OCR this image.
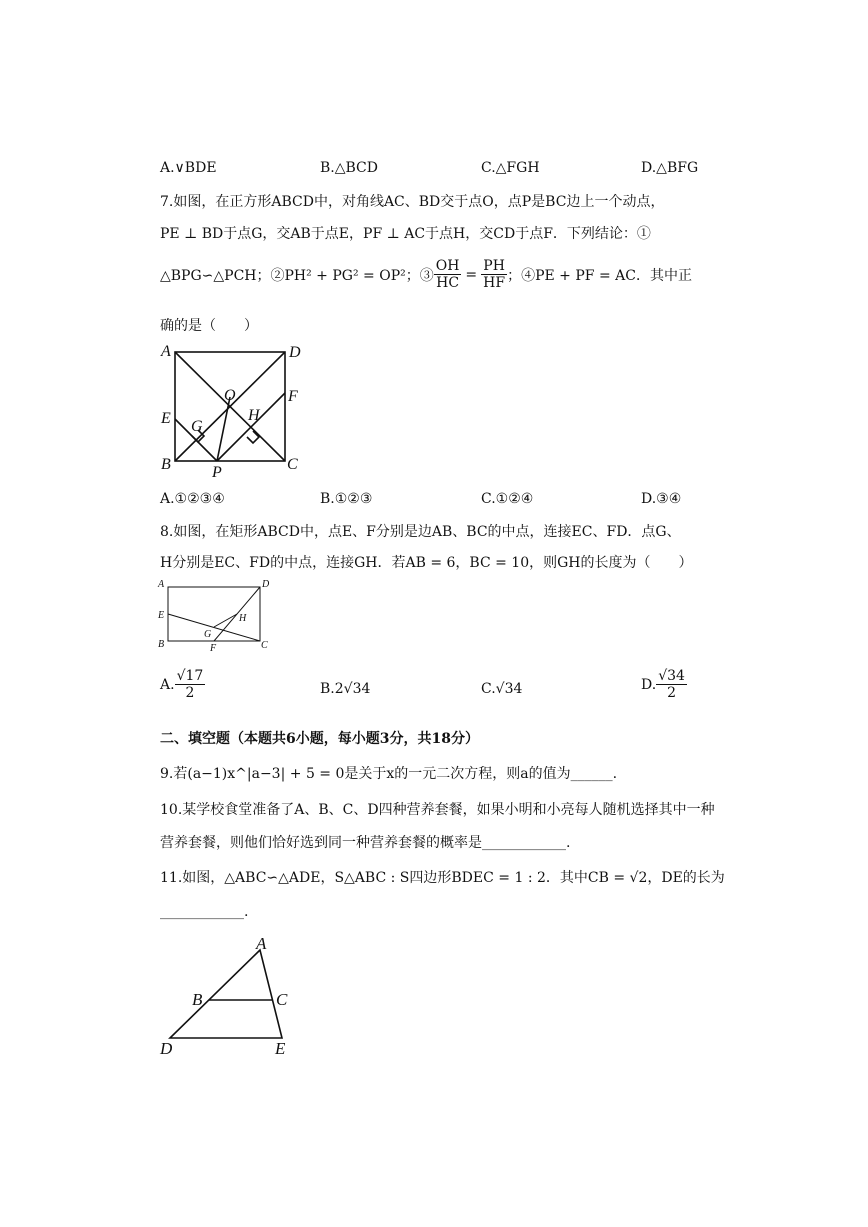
A.∨BDE	B.△BCD	C.△FGH	D.△BFG
7.如图，在正方形ABCD中，对角线AC、BD交于点O，点P是BC边上一个动点，
PE ⊥ BD于点G，交AB于点E，PF ⊥ AC于点H，交CD于点F．下列结论：①
△BPG∽△PCH；②PH² + PG² = OP²；③ $\frac{OH}{HC} = \frac{PH}{HF}$ ；④PE + PF = AC．其中正
确的是（　　）
A	D
O	F
E G
H
B	P	C
A.①②③④	B.①②③	C.①②④	D.③④
8.如图，在矩形ABCD中，点E、F分别是边AB、BC的中点，连接EC、FD．点G、
H分别是EC、FD的中点，连接GH．若AB = 6，BC = 10，则GH的长度为（　　）
A	D
E	H
G
B	F	C
A. $\frac{√17}{2}$	B.2√34	C.√34	D. $\frac{√34}{2}$
二、填空题（本题共6小题，每小题3分，共18分）
9.若(a−1)x^|a−3| + 5 = 0是关于x的一元二次方程，则a的值为______.
10.某学校食堂准备了A、B、C、D四种营养套餐，如果小明和小亮每人随机选择其中一种
营养套餐，则他们恰好选到同一种营养套餐的概率是____________.
11.如图，△ABC∽△ADE，S△ABC : S四边形BDEC = 1 : 2．其中CB = √2，DE的长为
____________.
A
B	C
D	E
